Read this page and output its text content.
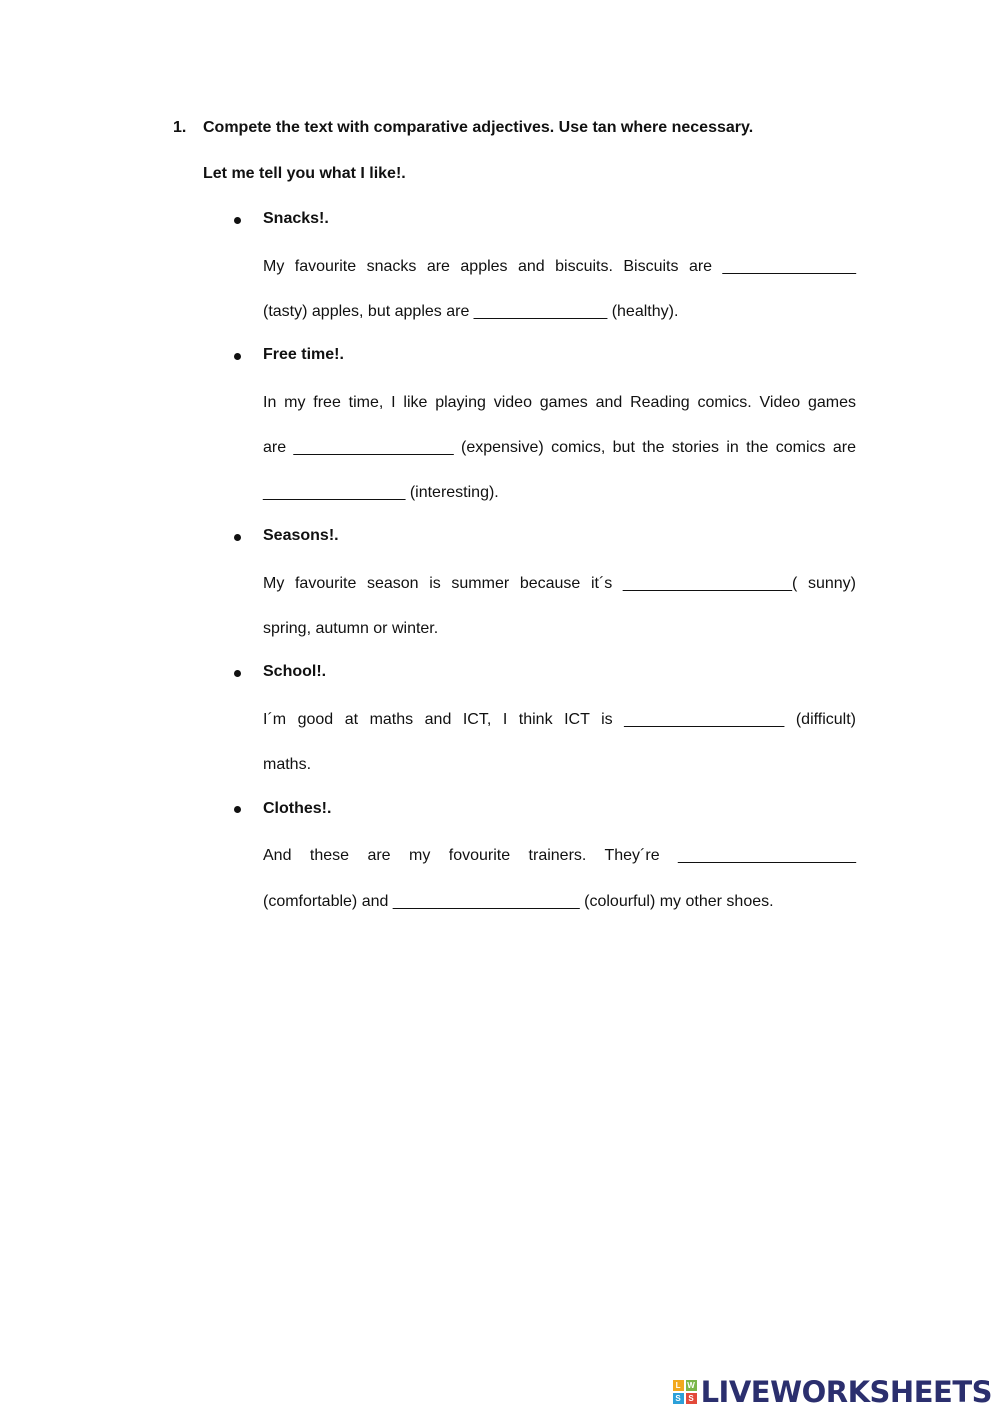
1. Compete the text with comparative adjectives. Use tan where necessary.
Let me tell you what I like!.
Snacks!.
My favourite snacks are apples and biscuits. Biscuits are _______________
(tasty) apples, but apples are _______________ (healthy).
Free time!.
In my free time, I like playing video games and Reading comics. Video games
are __________________ (expensive) comics, but the stories in the comics are
________________ (interesting).
Seasons!.
My favourite season is summer because it´s ___________________( sunny)
spring, autumn or winter.
School!.
I´m good at maths and ICT, I think ICT is __________________ (difficult)
maths.
Clothes!.
And these are my fovourite trainers. They´re ____________________
(comfortable) and _____________________ (colourful) my other shoes.
L W
S S LIVEWORKSHEETS
